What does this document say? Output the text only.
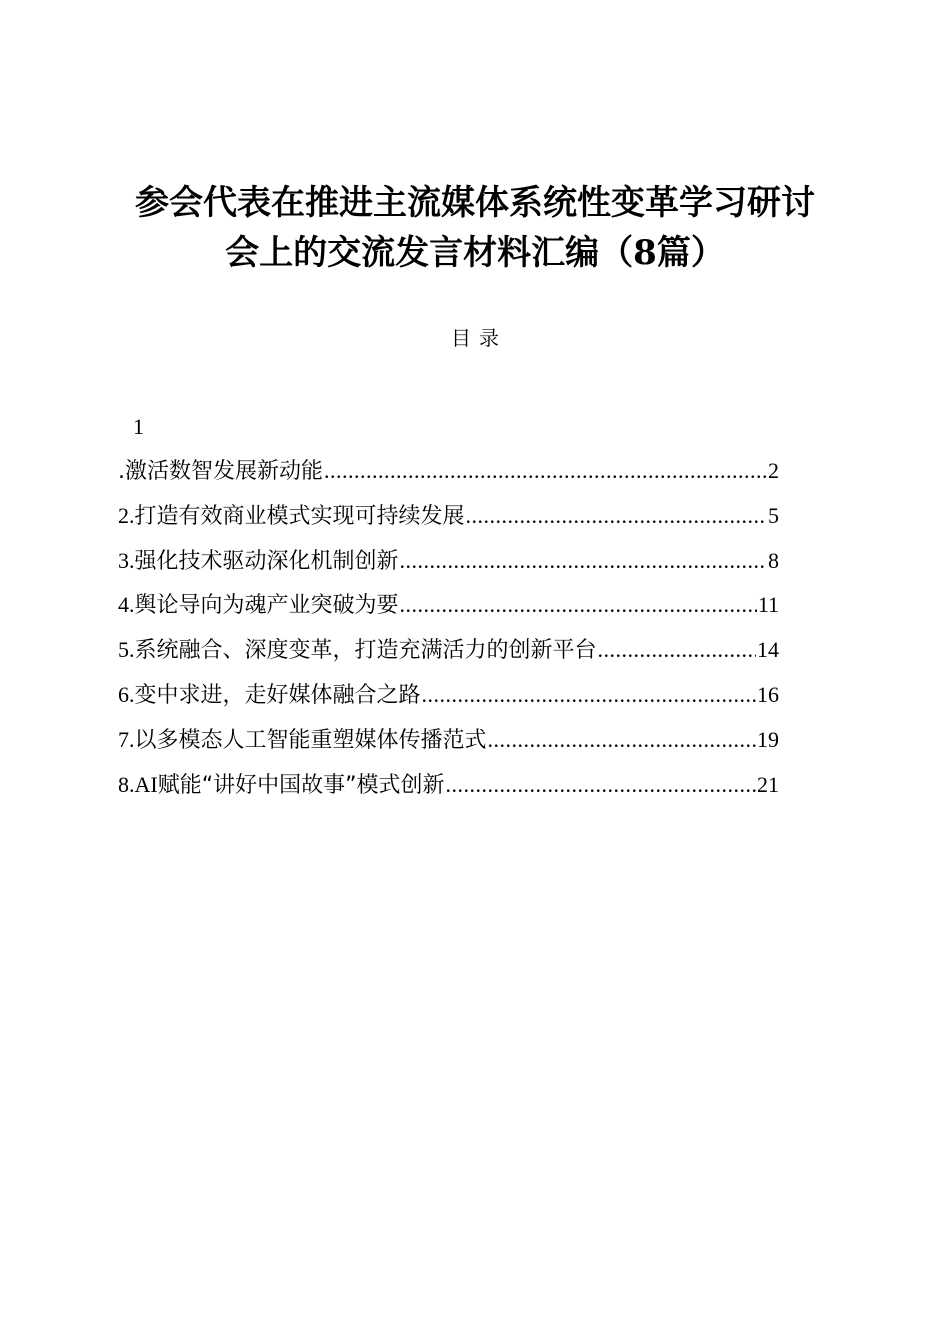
参会代表在推进主流媒体系统性变革学习研讨
会上的交流发言材料汇编（8篇）
目录
1
.激活数智发展新动能 .....	2
2. 打造有效商业模式实现可持续发展 .....	5
3. 强化技术驱动深化机制创新 .....	8
4. 舆论导向为魂产业突破为要 .....	11
5. 系统融合、深度变革，打造充满活力的创新平台 .....	14
6. 变中求进，走好媒体融合之路 .....	16
7. 以多模态人工智能重塑媒体传播范式 .....	19
8.AI 赋能“讲好中国故事”模式创新 .....	21
